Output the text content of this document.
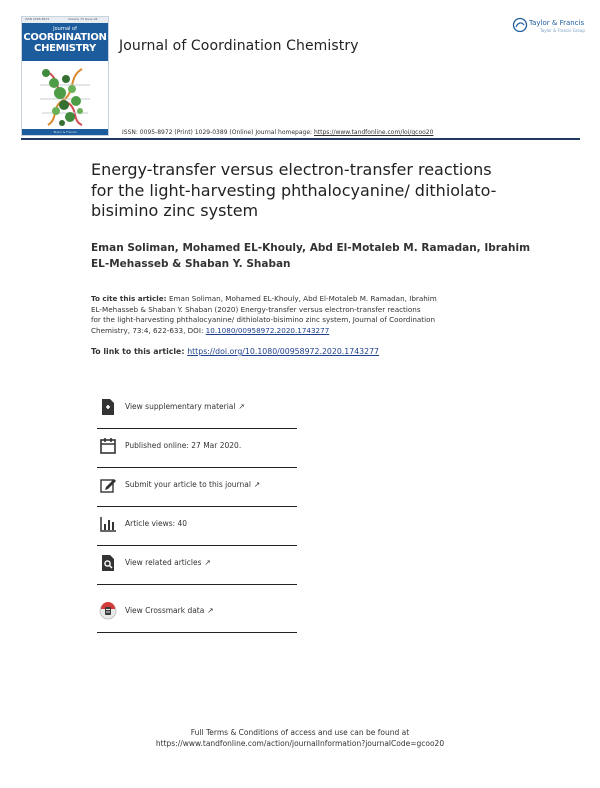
ISSN 0095-8972	Volume 73 Issue 04
Journal of
COORDINATION
CHEMISTRY
Taylor & Francis
Journal of Coordination Chemistry
Taylor & Francis
Taylor & Francis Group
ISSN: 0095-8972 (Print) 1029-0389 (Online) Journal homepage: https://www.tandfonline.com/loi/gcoo20
Energy-transfer versus electron-transfer reactions
for the light-harvesting phthalocyanine/ dithiolato-
bisimino zinc system
Eman Soliman, Mohamed EL-Khouly, Abd El-Motaleb M. Ramadan, Ibrahim
EL-Mehasseb & Shaban Y. Shaban
To cite this article: Eman Soliman, Mohamed EL-Khouly, Abd El-Motaleb M. Ramadan, Ibrahim
EL-Mehasseb & Shaban Y. Shaban (2020) Energy-transfer versus electron-transfer reactions
for the light-harvesting phthalocyanine/ dithiolato-bisimino zinc system, Journal of Coordination
Chemistry, 73:4, 622-633, DOI: 10.1080/00958972.2020.1743277
To link to this article: https://doi.org/10.1080/00958972.2020.1743277
View supplementary material ↗
Published online: 27 Mar 2020.
Submit your article to this journal ↗
Article views: 40
View related articles ↗
View Crossmark data ↗
Full Terms & Conditions of access and use can be found at
https://www.tandfonline.com/action/journalInformation?journalCode=gcoo20
